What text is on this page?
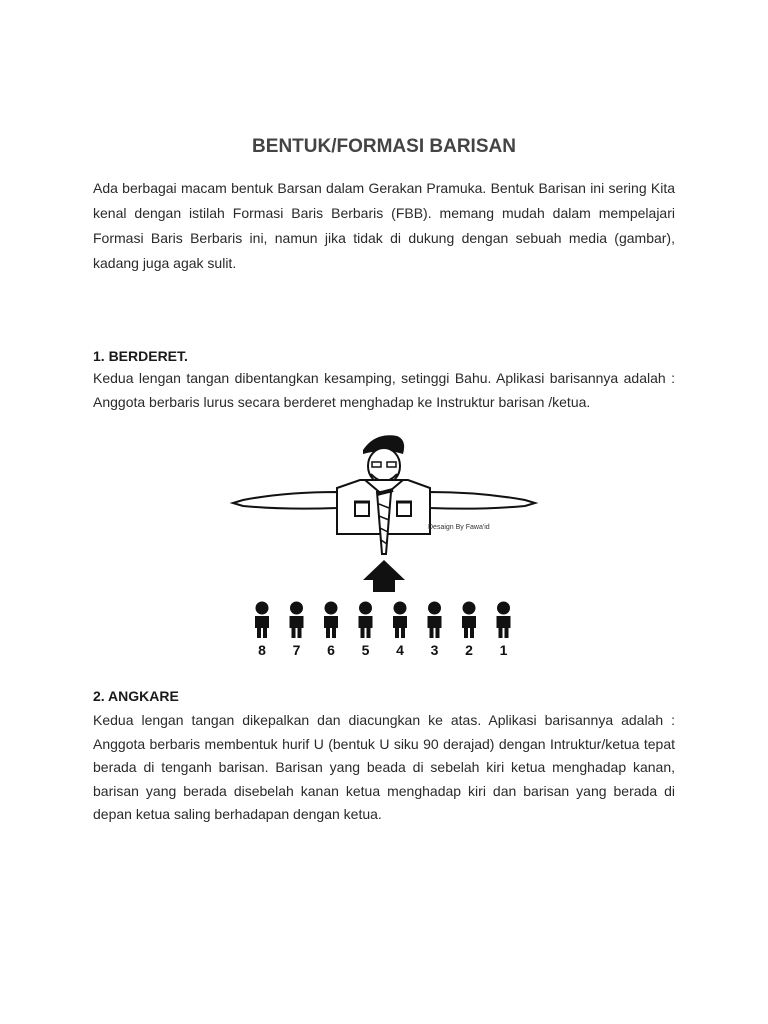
BENTUK/FORMASI BARISAN

Ada berbagai macam bentuk Barsan dalam Gerakan Pramuka. Bentuk Barisan ini sering Kita kenal dengan istilah Formasi Baris Berbaris (FBB). memang mudah dalam mempelajari Formasi Baris Berbaris ini, namun jika tidak di dukung dengan sebuah media (gambar), kadang juga agak sulit.

1. BERDERET.

Kedua lengan tangan dibentangkan kesamping, setinggi Bahu. Aplikasi barisannya adalah : Anggota berbaris lurus secara berderet menghadap ke Instruktur barisan /ketua.

8 7 6 5 4 3 2 1
Desaign By Fawa'id
2. ANGKARE

Kedua lengan tangan dikepalkan dan diacungkan ke atas. Aplikasi barisannya adalah : Anggota berbaris membentuk hurif U (bentuk U siku 90 derajad) dengan Intruktur/ketua tepat berada di tenganh barisan. Barisan yang beada di sebelah kiri ketua menghadap kanan, barisan yang berada disebelah kanan ketua menghadap kiri dan barisan yang berada di depan ketua saling berhadapan dengan ketua.
